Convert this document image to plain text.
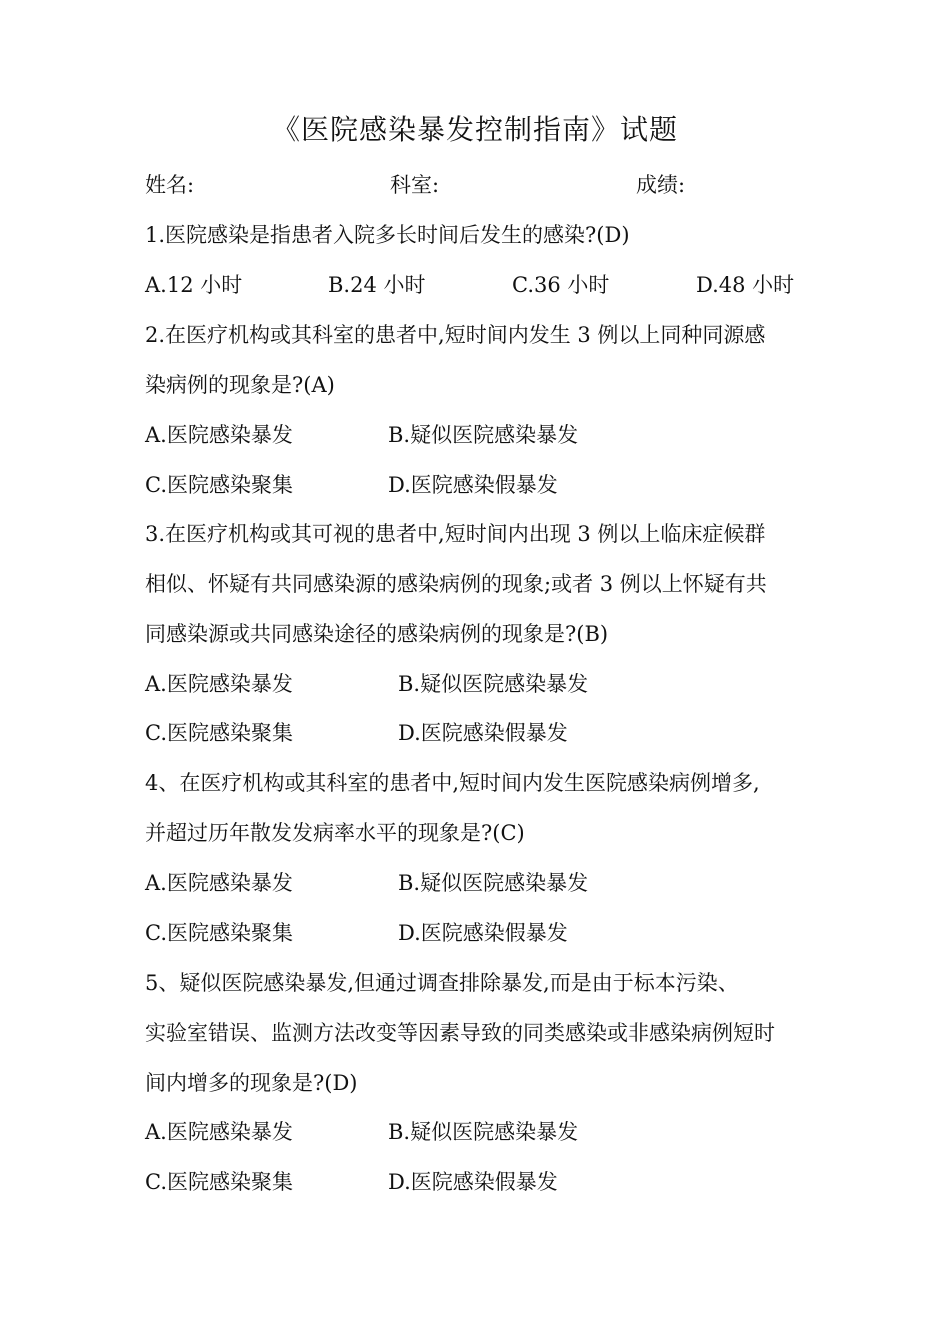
《医院感染暴发控制指南》试题
姓名:	科室:	成绩:
1.医院感染是指患者入院多长时间后发生的感染?(D)
A.12 小时	B.24 小时	C.36 小时	D.48 小时
2.在医疗机构或其科室的患者中,短时间内发生 3 例以上同种同源感
染病例的现象是?(A)
A.医院感染暴发	B.疑似医院感染暴发
C.医院感染聚集	D.医院感染假暴发
3.在医疗机构或其可视的患者中,短时间内出现 3 例以上临床症候群
相似、怀疑有共同感染源的感染病例的现象;或者 3 例以上怀疑有共
同感染源或共同感染途径的感染病例的现象是?(B)
A.医院感染暴发	B.疑似医院感染暴发
C.医院感染聚集	D.医院感染假暴发
4、在医疗机构或其科室的患者中,短时间内发生医院感染病例增多,
并超过历年散发发病率水平的现象是?(C)
A.医院感染暴发	B.疑似医院感染暴发
C.医院感染聚集	D.医院感染假暴发
5、疑似医院感染暴发,但通过调查排除暴发,而是由于标本污染、
实验室错误、监测方法改变等因素导致的同类感染或非感染病例短时
间内增多的现象是?(D)
A.医院感染暴发	B.疑似医院感染暴发
C.医院感染聚集	D.医院感染假暴发
